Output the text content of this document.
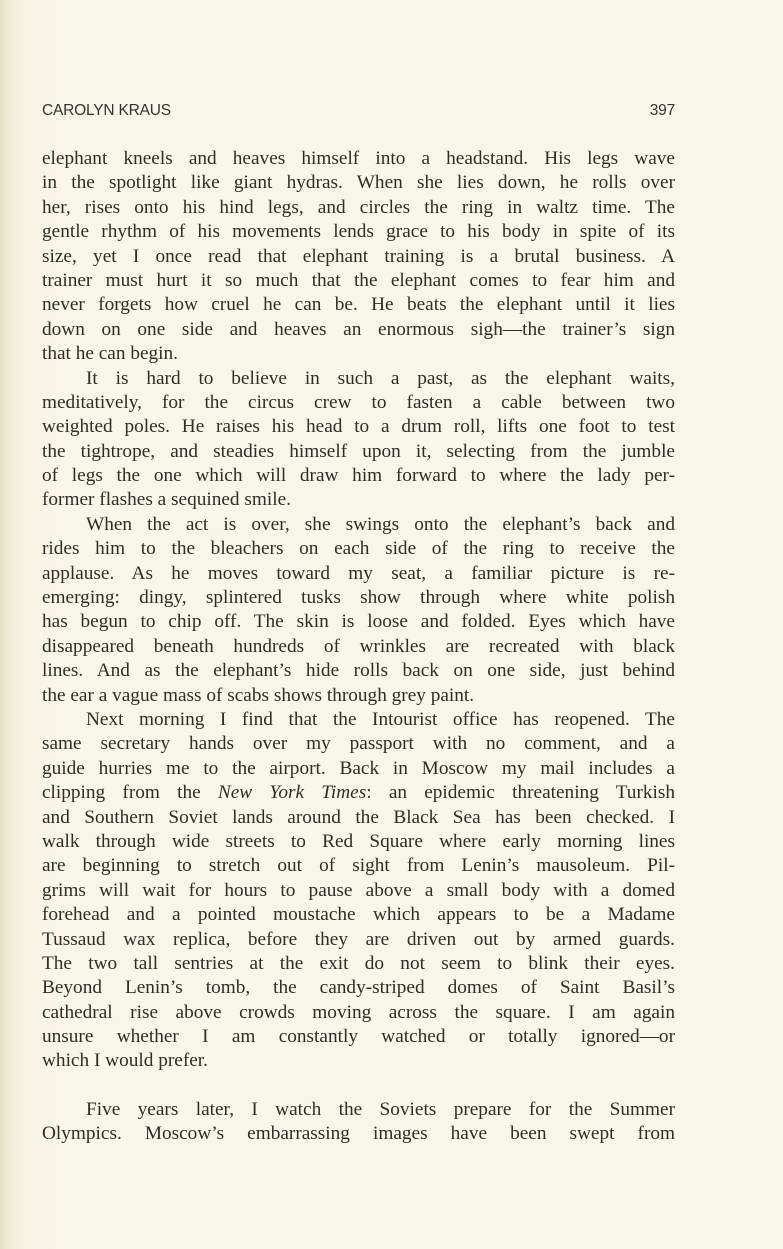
CAROLYN KRAUS	397
elephant kneels and heaves himself into a headstand. His legs wave
in the spotlight like giant hydras. When she lies down, he rolls over
her, rises onto his hind legs, and circles the ring in waltz time. The
gentle rhythm of his movements lends grace to his body in spite of its
size, yet I once read that elephant training is a brutal business. A
trainer must hurt it so much that the elephant comes to fear him and
never forgets how cruel he can be. He beats the elephant until it lies
down on one side and heaves an enormous sigh—the trainer’s sign
that he can begin.
It is hard to believe in such a past, as the elephant waits,
meditatively, for the circus crew to fasten a cable between two
weighted poles. He raises his head to a drum roll, lifts one foot to test
the tightrope, and steadies himself upon it, selecting from the jumble
of legs the one which will draw him forward to where the lady per-
former flashes a sequined smile.
When the act is over, she swings onto the elephant’s back and
rides him to the bleachers on each side of the ring to receive the
applause. As he moves toward my seat, a familiar picture is re-
emerging: dingy, splintered tusks show through where white polish
has begun to chip off. The skin is loose and folded. Eyes which have
disappeared beneath hundreds of wrinkles are recreated with black
lines. And as the elephant’s hide rolls back on one side, just behind
the ear a vague mass of scabs shows through grey paint.
Next morning I find that the Intourist office has reopened. The
same secretary hands over my passport with no comment, and a
guide hurries me to the airport. Back in Moscow my mail includes a
clipping from the New York Times: an epidemic threatening Turkish
and Southern Soviet lands around the Black Sea has been checked. I
walk through wide streets to Red Square where early morning lines
are beginning to stretch out of sight from Lenin’s mausoleum. Pil-
grims will wait for hours to pause above a small body with a domed
forehead and a pointed moustache which appears to be a Madame
Tussaud wax replica, before they are driven out by armed guards.
The two tall sentries at the exit do not seem to blink their eyes.
Beyond Lenin’s tomb, the candy-striped domes of Saint Basil’s
cathedral rise above crowds moving across the square. I am again
unsure whether I am constantly watched or totally ignored—or
which I would prefer.
Five years later, I watch the Soviets prepare for the Summer
Olympics. Moscow’s embarrassing images have been swept from
